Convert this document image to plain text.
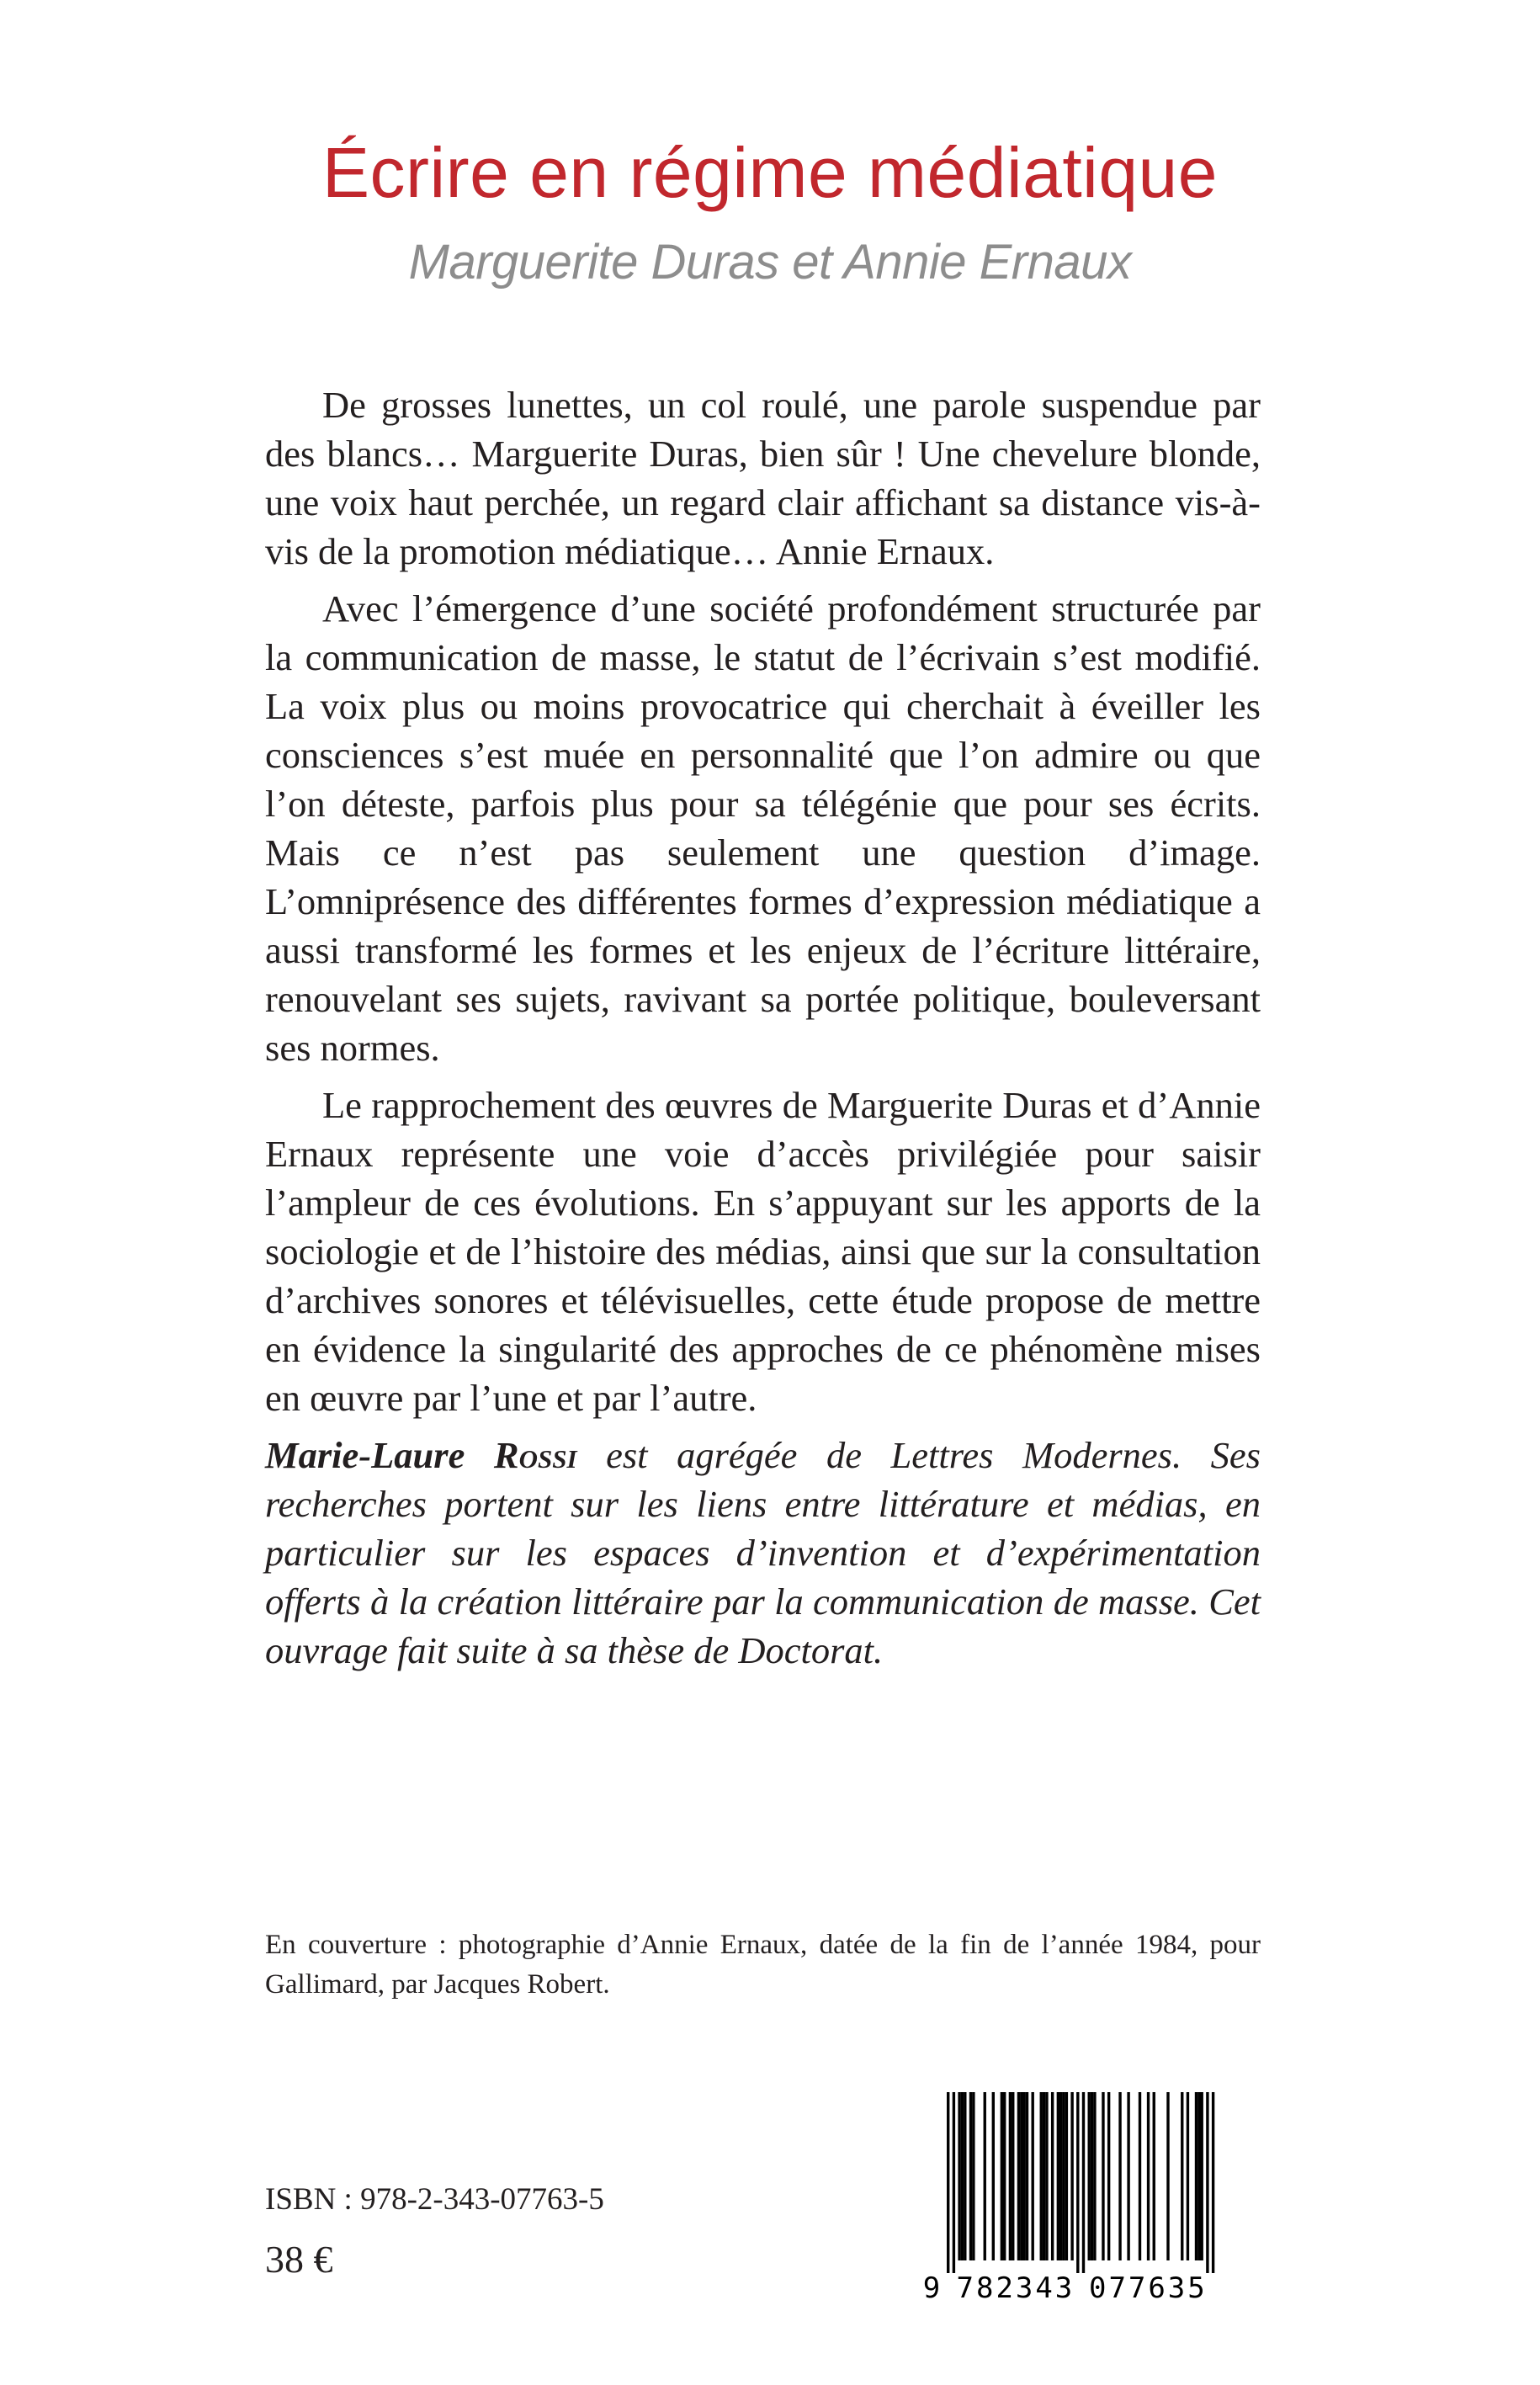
Écrire en régime médiatique
Marguerite Duras et Annie Ernaux

De grosses lunettes, un col roulé, une parole suspendue par des blancs… Marguerite Duras, bien sûr ! Une chevelure blonde, une voix haut perchée, un regard clair affichant sa distance vis-à-vis de la promotion médiatique… Annie Ernaux.

Avec l’émergence d’une société profondément structurée par la communication de masse, le statut de l’écrivain s’est modifié. La voix plus ou moins provocatrice qui cherchait à éveiller les consciences s’est muée en personnalité que l’on admire ou que l’on déteste, parfois plus pour sa télégénie que pour ses écrits. Mais ce n’est pas seulement une question d’image. L’omniprésence des différentes formes d’expression médiatique a aussi transformé les formes et les enjeux de l’écriture littéraire, renouvelant ses sujets, ravivant sa portée politique, bouleversant ses normes.

Le rapprochement des œuvres de Marguerite Duras et d’Annie Ernaux représente une voie d’accès privilégiée pour saisir l’ampleur de ces évolutions. En s’appuyant sur les apports de la sociologie et de l’histoire des médias, ainsi que sur la consultation d’archives sonores et télévisuelles, cette étude propose de mettre en évidence la singularité des approches de ce phénomène mises en œuvre par l’une et par l’autre.

Marie-Laure Rossi est agrégée de Lettres Modernes. Ses recherches portent sur les liens entre littérature et médias, en particulier sur les espaces d’invention et d’expérimentation offerts à la création littéraire par la communication de masse. Cet ouvrage fait suite à sa thèse de Doctorat.

En couverture : photographie d’Annie Ernaux, datée de la fin de l’année 1984, pour Gallimard, par Jacques Robert.

ISBN : 978-2-343-07763-5
38 €
9 7 8 2 3 4 3 0 7 7 6 3 5
